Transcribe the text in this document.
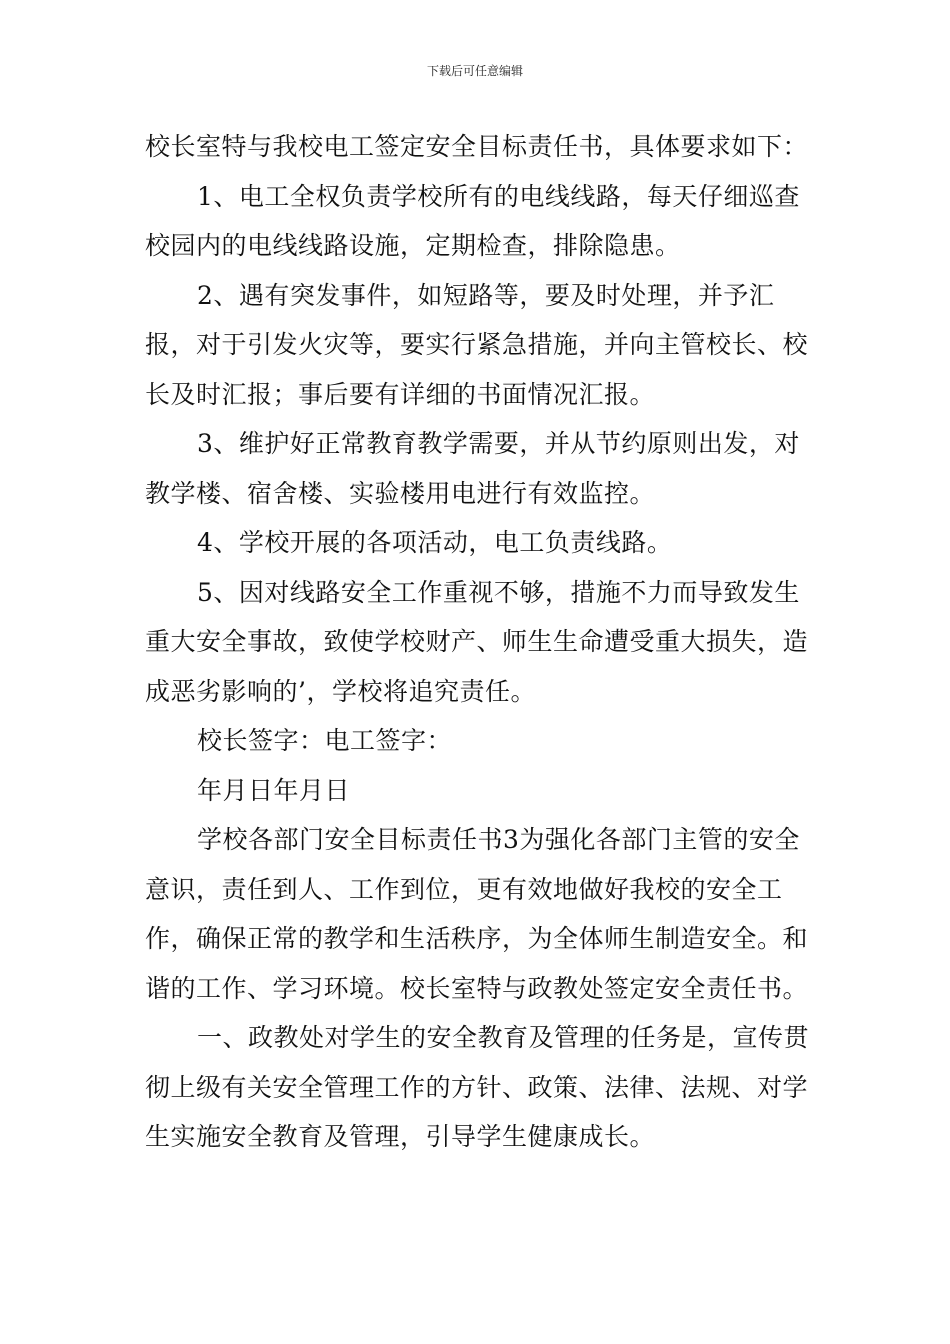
下载后可任意编辑

校长室特与我校电工签定安全目标责任书，具体要求如下：

1、电工全权负责学校所有的电线线路，每天仔细巡查校园内的电线线路设施，定期检查，排除隐患。

2、遇有突发事件，如短路等，要及时处理，并予汇报，对于引发火灾等，要实行紧急措施，并向主管校长、校长及时汇报；事后要有详细的书面情况汇报。

3、维护好正常教育教学需要，并从节约原则出发，对教学楼、宿舍楼、实验楼用电进行有效监控。

4、学校开展的各项活动，电工负责线路。

5、因对线路安全工作重视不够，措施不力而导致发生重大安全事故，致使学校财产、师生生命遭受重大损失，造成恶劣影响的’，学校将追究责任。

校长签字：电工签字：

年月日年月日

学校各部门安全目标责任书3为强化各部门主管的安全意识，责任到人、工作到位，更有效地做好我校的安全工作，确保正常的教学和生活秩序，为全体师生制造安全。和谐的工作、学习环境。校长室特与政教处签定安全责任书。

一、政教处对学生的安全教育及管理的任务是，宣传贯彻上级有关安全管理工作的方针、政策、法律、法规、对学生实施安全教育及管理，引导学生健康成长。
